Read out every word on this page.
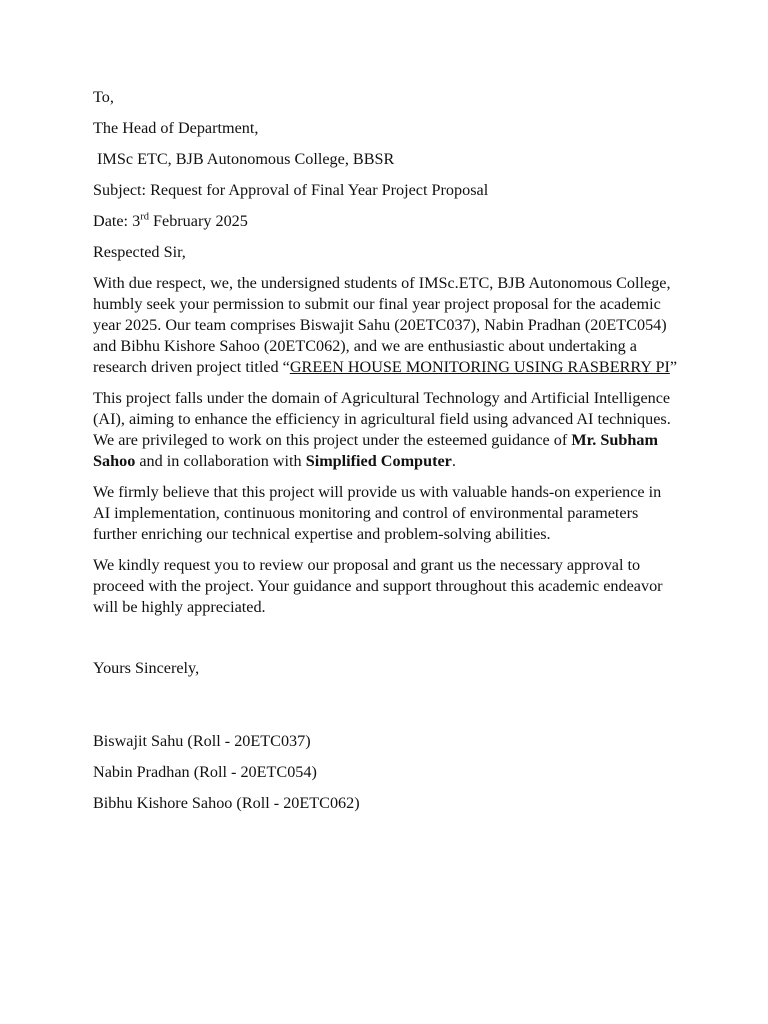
To,

The Head of Department,

IMSc ETC, BJB Autonomous College, BBSR

Subject: Request for Approval of Final Year Project Proposal

Date: 3rd February 2025

Respected Sir,

With due respect, we, the undersigned students of IMSc.ETC, BJB Autonomous College, humbly seek your permission to submit our final year project proposal for the academic year 2025. Our team comprises Biswajit Sahu (20ETC037), Nabin Pradhan (20ETC054) and Bibhu Kishore Sahoo (20ETC062), and we are enthusiastic about undertaking a research driven project titled “GREEN HOUSE MONITORING USING RASBERRY PI”

This project falls under the domain of Agricultural Technology and Artificial Intelligence (AI), aiming to enhance the efficiency in agricultural field using advanced AI techniques. We are privileged to work on this project under the esteemed guidance of Mr. Subham Sahoo and in collaboration with Simplified Computer.

We firmly believe that this project will provide us with valuable hands-on experience in AI implementation, continuous monitoring and control of environmental parameters further enriching our technical expertise and problem-solving abilities.

We kindly request you to review our proposal and grant us the necessary approval to proceed with the project. Your guidance and support throughout this academic endeavor will be highly appreciated.

Yours Sincerely,

Biswajit Sahu (Roll - 20ETC037)

Nabin Pradhan (Roll - 20ETC054)

Bibhu Kishore Sahoo (Roll - 20ETC062)
